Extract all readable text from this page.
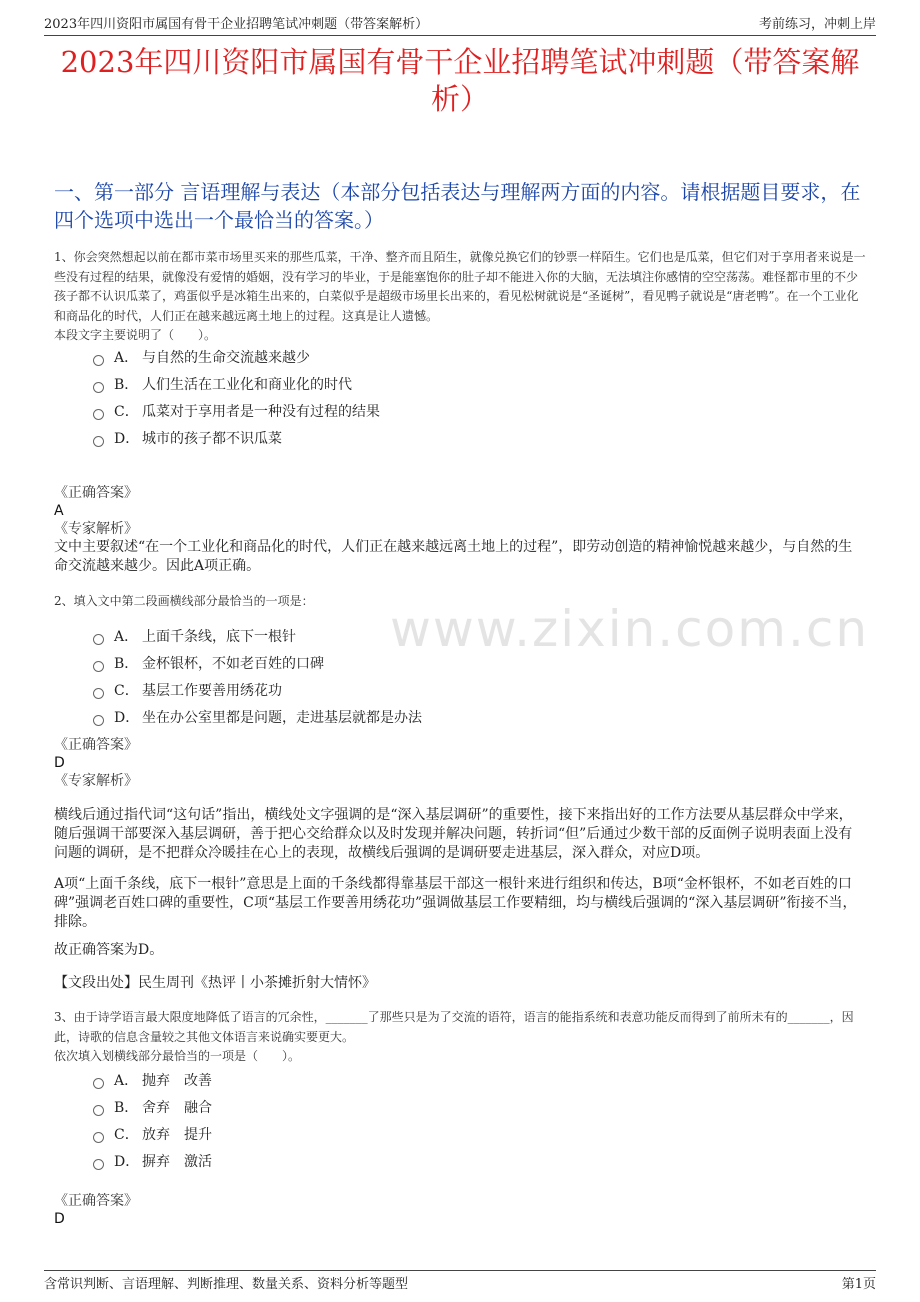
2023年四川资阳市属国有骨干企业招聘笔试冲刺题（带答案解析）	考前练习，冲刺上岸
2023年四川资阳市属国有骨干企业招聘笔试冲刺题（带答案解析）
一、第一部分 言语理解与表达（本部分包括表达与理解两方面的内容。请根据题目要求，在四个选项中选出一个最恰当的答案。）

1、你会突然想起以前在都市菜市场里买来的那些瓜菜，干净、整齐而且陌生，就像兑换它们的钞票一样陌生。它们也是瓜菜，但它们对于享用者来说是一些没有过程的结果，就像没有爱情的婚姻，没有学习的毕业，于是能塞饱你的肚子却不能进入你的大脑，无法填注你感情的空空荡荡。难怪都市里的不少孩子都不认识瓜菜了，鸡蛋似乎是冰箱生出来的，白菜似乎是超级市场里长出来的，看见松树就说是“圣诞树”，看见鸭子就说是“唐老鸭”。在一个工业化和商品化的时代，人们正在越来越远离土地上的过程。这真是让人遗憾。

本段文字主要说明了（　　）。

A． 与自然的生命交流越来越少
B． 人们生活在工业化和商业化的时代
C． 瓜菜对于享用者是一种没有过程的结果
D． 城市的孩子都不识瓜菜
《正确答案》
A
《专家解析》

文中主要叙述“在一个工业化和商品化的时代，人们正在越来越远离土地上的过程”，即劳动创造的精神愉悦越来越少，与自然的生命交流越来越少。因此A项正确。

2、填入文中第二段画横线部分最恰当的一项是：

A． 上面千条线，底下一根针
B． 金杯银杯，不如老百姓的口碑
C． 基层工作要善用绣花功
D． 坐在办公室里都是问题，走进基层就都是办法
《正确答案》
D
《专家解析》

横线后通过指代词“这句话”指出，横线处文字强调的是“深入基层调研”的重要性，接下来指出好的工作方法要从基层群众中学来，随后强调干部要深入基层调研，善于把心交给群众以及时发现并解决问题，转折词“但”后通过少数干部的反面例子说明表面上没有问题的调研，是不把群众冷暖挂在心上的表现，故横线后强调的是调研要走进基层，深入群众，对应D项。

A项“上面千条线，底下一根针”意思是上面的千条线都得靠基层干部这一根针来进行组织和传达，B项“金杯银杯，不如老百姓的口碑”强调老百姓口碑的重要性，C项“基层工作要善用绣花功”强调做基层工作要精细，均与横线后强调的“深入基层调研”衔接不当，排除。

故正确答案为D。

【文段出处】民生周刊《热评丨小茶摊折射大情怀》

3、由于诗学语言最大限度地降低了语言的冗余性，_______了那些只是为了交流的语符，语言的能指系统和表意功能反而得到了前所未有的_______，因此，诗歌的信息含量较之其他文体语言来说确实要更大。

依次填入划横线部分最恰当的一项是（　　）。

A． 抛弃　改善
B． 舍弃　融合
C． 放弃　提升
D． 摒弃　激活
《正确答案》
D
www.zixin.com.cn
含常识判断、言语理解、判断推理、数量关系、资料分析等题型	第1页
